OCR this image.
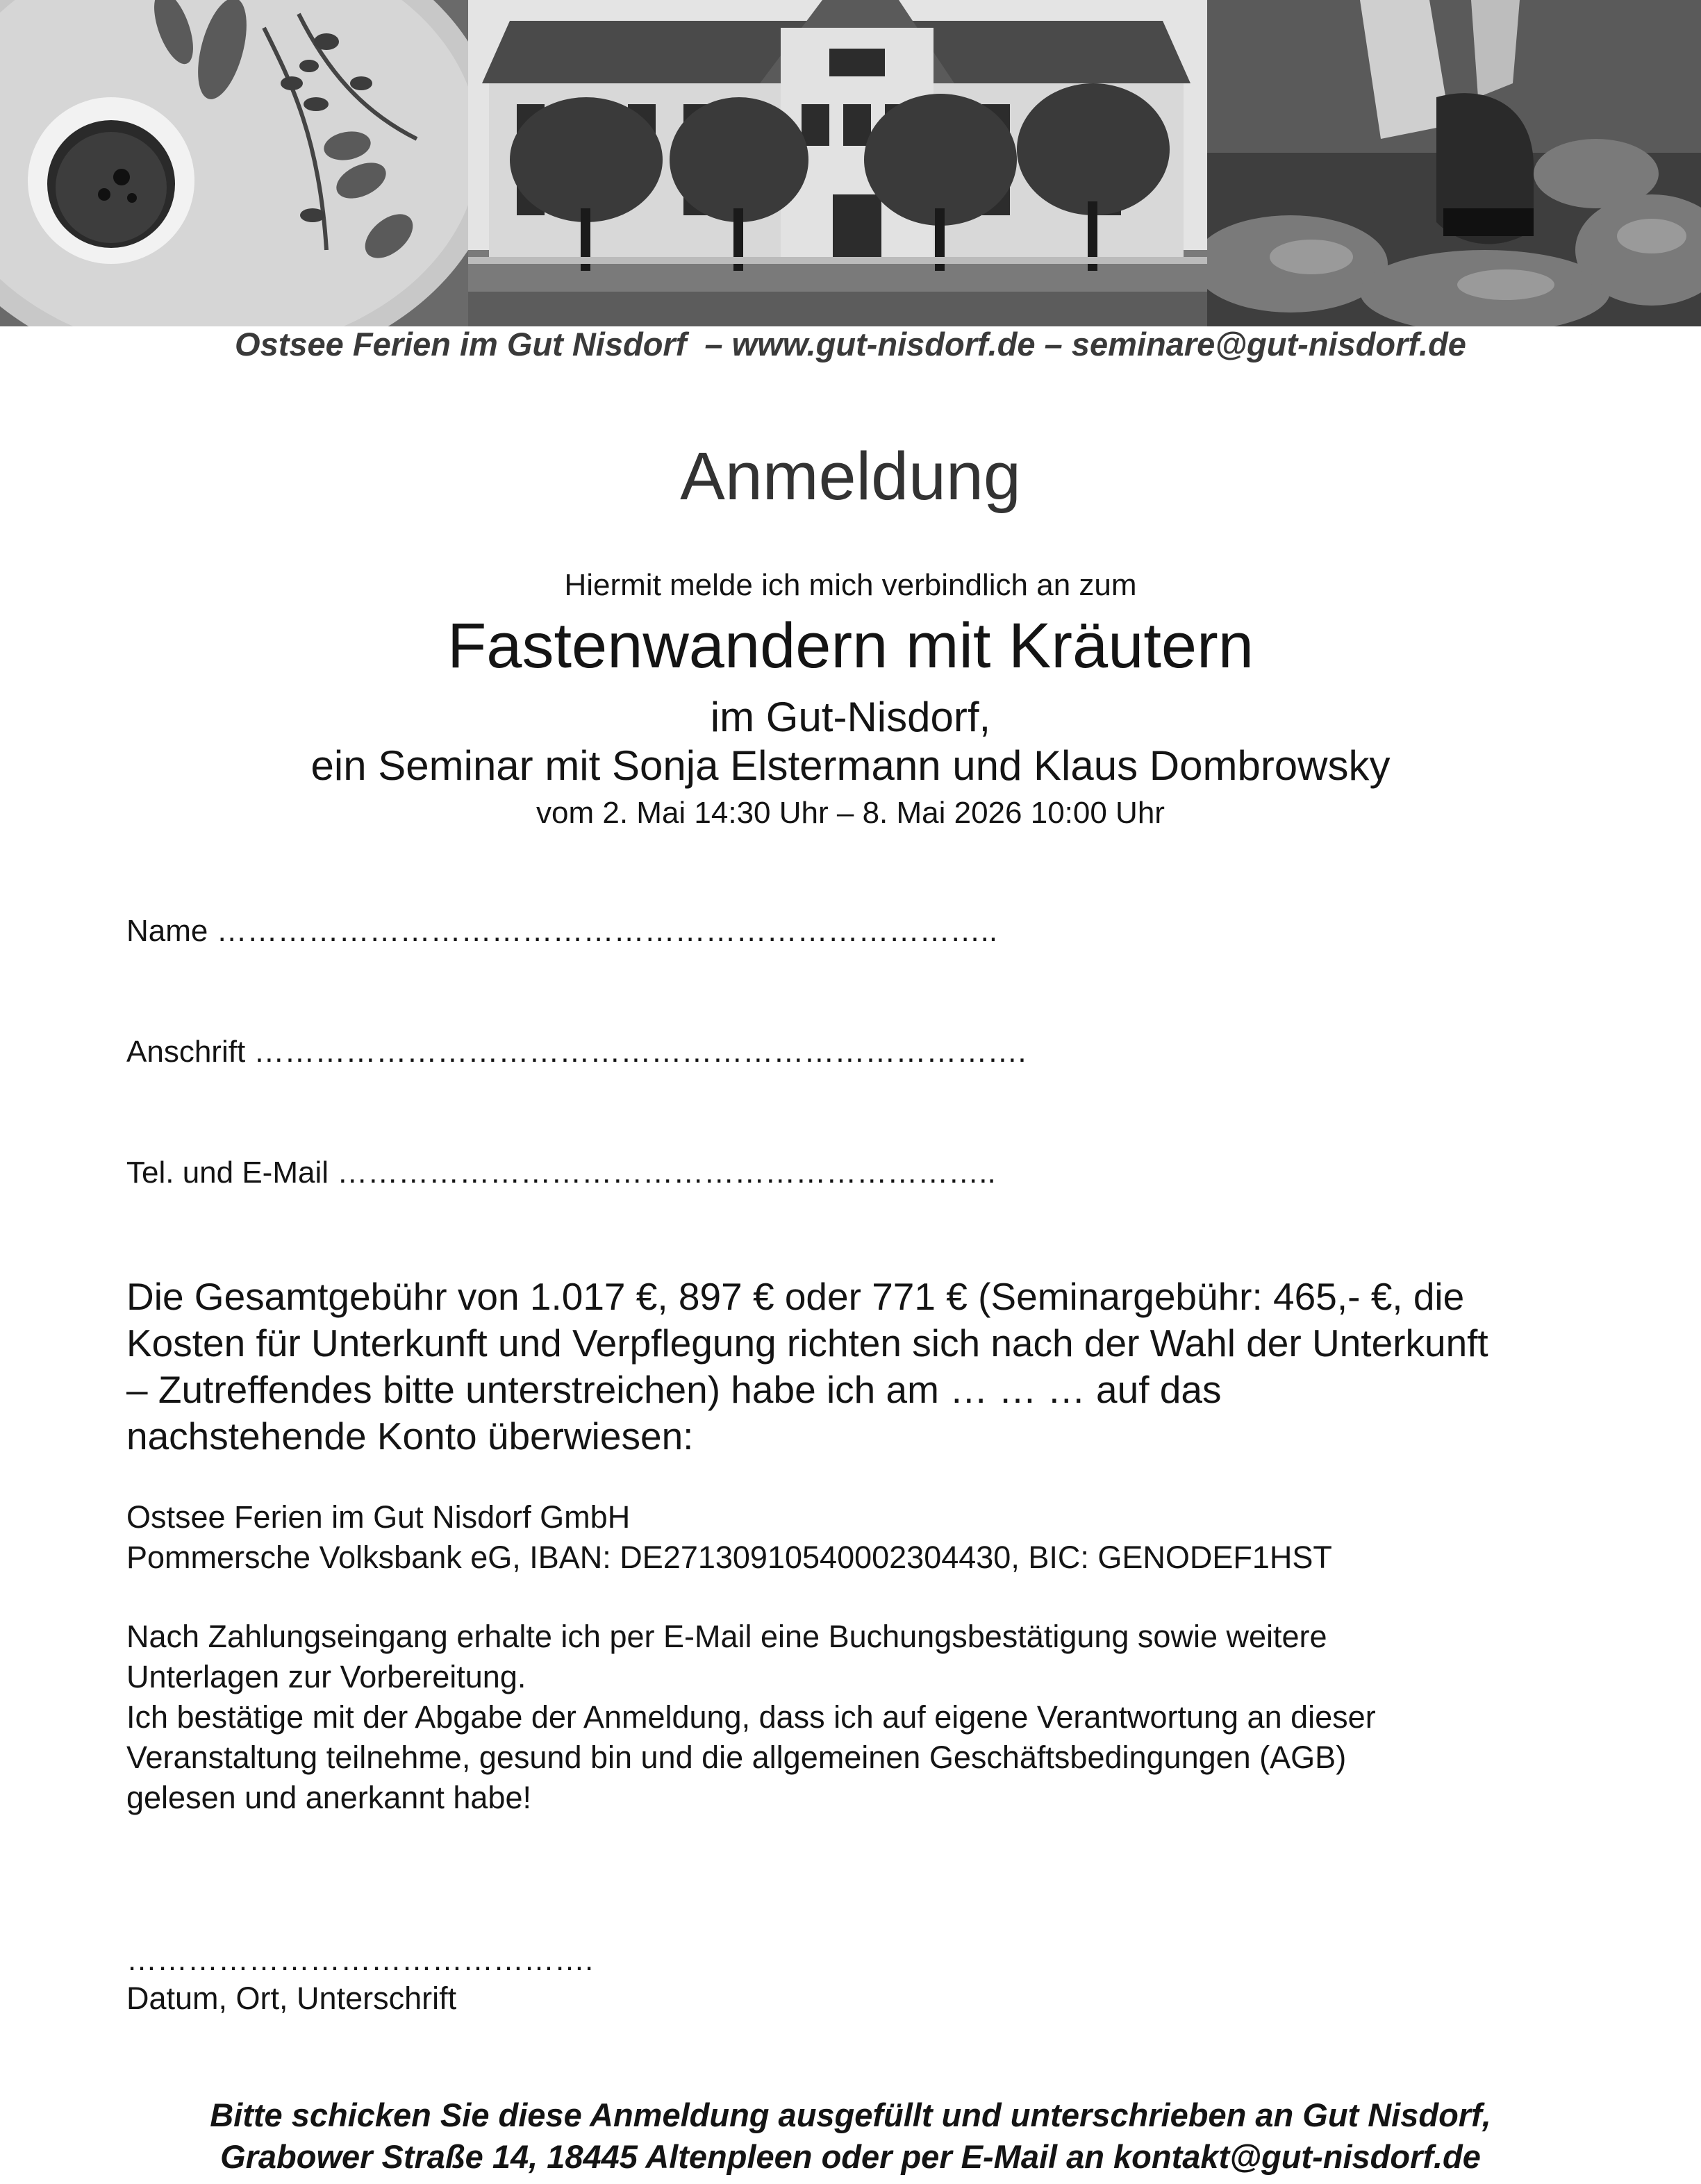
Ostsee Ferien im Gut Nisdorf  – www.gut-nisdorf.de – seminare@gut-nisdorf.de
Anmeldung
Hiermit melde ich mich verbindlich an zum
Fastenwandern mit Kräutern
im Gut-Nisdorf,
ein Seminar mit Sonja Elstermann und Klaus Dombrowsky
vom 2. Mai 14:30 Uhr – 8. Mai 2026 10:00 Uhr
Name …………………………………………………………………..
Anschrift ………………………………………………………………….
Tel. und E-Mail ………………………………………………………..

Die Gesamtgebühr von 1.017 €, 897 € oder 771 € (Seminargebühr: 465,- €, die

Kosten für Unterkunft und Verpflegung richten sich nach der Wahl der Unterkunft

– Zutreffendes bitte unterstreichen) habe ich am … … … auf das

nachstehende Konto überwiesen:

Ostsee Ferien im Gut Nisdorf GmbH

Pommersche Volksbank eG, IBAN: DE27130910540002304430, BIC: GENODEF1HST

Nach Zahlungseingang erhalte ich per E-Mail eine Buchungsbestätigung sowie weitere

Unterlagen zur Vorbereitung.

Ich bestätige mit der Abgabe der Anmeldung, dass ich auf eigene Verantwortung an dieser

Veranstaltung teilnehme, gesund bin und die allgemeinen Geschäftsbedingungen (AGB)

gelesen und anerkannt habe!

……………………………………….
Datum, Ort, Unterschrift

Bitte schicken Sie diese Anmeldung ausgefüllt und unterschrieben an Gut Nisdorf,

Grabower Straße 14, 18445 Altenpleen oder per E-Mail an kontakt@gut-nisdorf.de
